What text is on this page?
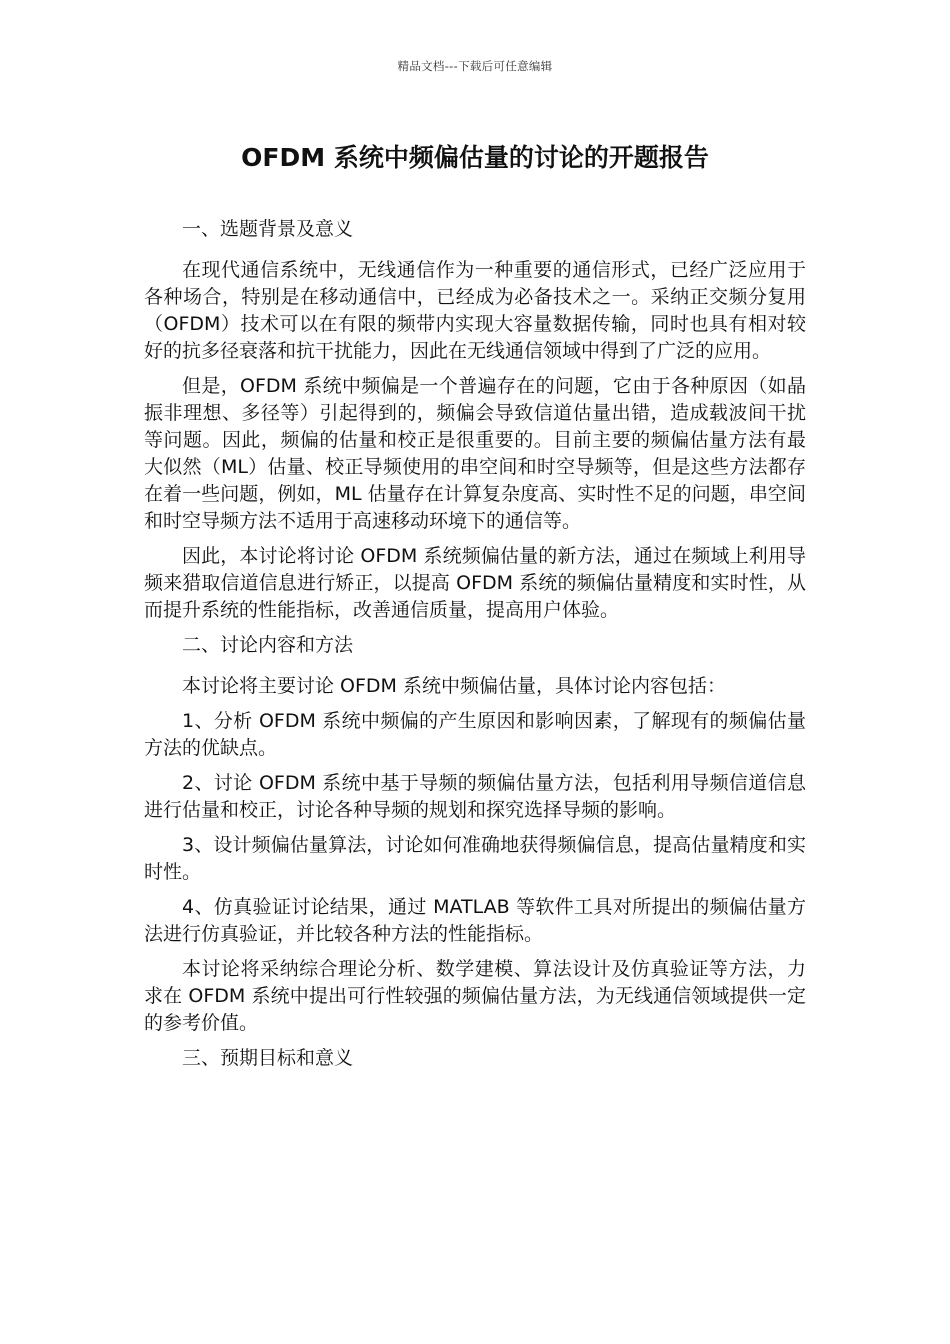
精品文档---下载后可任意编辑
OFDM 系统中频偏估量的讨论的开题报告

一、选题背景及意义

在现代通信系统中，无线通信作为一种重要的通信形式，已经广泛应用于各种场合，特别是在移动通信中，已经成为必备技术之一。采纳正交频分复用（OFDM）技术可以在有限的频带内实现大容量数据传输，同时也具有相对较好的抗多径衰落和抗干扰能力，因此在无线通信领域中得到了广泛的应用。

但是，OFDM 系统中频偏是一个普遍存在的问题，它由于各种原因（如晶振非理想、多径等）引起得到的，频偏会导致信道估量出错，造成载波间干扰等问题。因此，频偏的估量和校正是很重要的。目前主要的频偏估量方法有最大似然（ML）估量、校正导频使用的串空间和时空导频等，但是这些方法都存在着一些问题，例如，ML 估量存在计算复杂度高、实时性不足的问题，串空间和时空导频方法不适用于高速移动环境下的通信等。

因此，本讨论将讨论 OFDM 系统频偏估量的新方法，通过在频域上利用导频来猎取信道信息进行矫正，以提高 OFDM 系统的频偏估量精度和实时性，从而提升系统的性能指标，改善通信质量，提高用户体验。

二、讨论内容和方法

本讨论将主要讨论 OFDM 系统中频偏估量，具体讨论内容包括：

1、分析 OFDM 系统中频偏的产生原因和影响因素，了解现有的频偏估量方法的优缺点。

2、讨论 OFDM 系统中基于导频的频偏估量方法，包括利用导频信道信息进行估量和校正，讨论各种导频的规划和探究选择导频的影响。

3、设计频偏估量算法，讨论如何准确地获得频偏信息，提高估量精度和实时性。

4、仿真验证讨论结果，通过 MATLAB 等软件工具对所提出的频偏估量方法进行仿真验证，并比较各种方法的性能指标。

本讨论将采纳综合理论分析、数学建模、算法设计及仿真验证等方法，力求在 OFDM 系统中提出可行性较强的频偏估量方法，为无线通信领域提供一定的参考价值。

三、预期目标和意义
